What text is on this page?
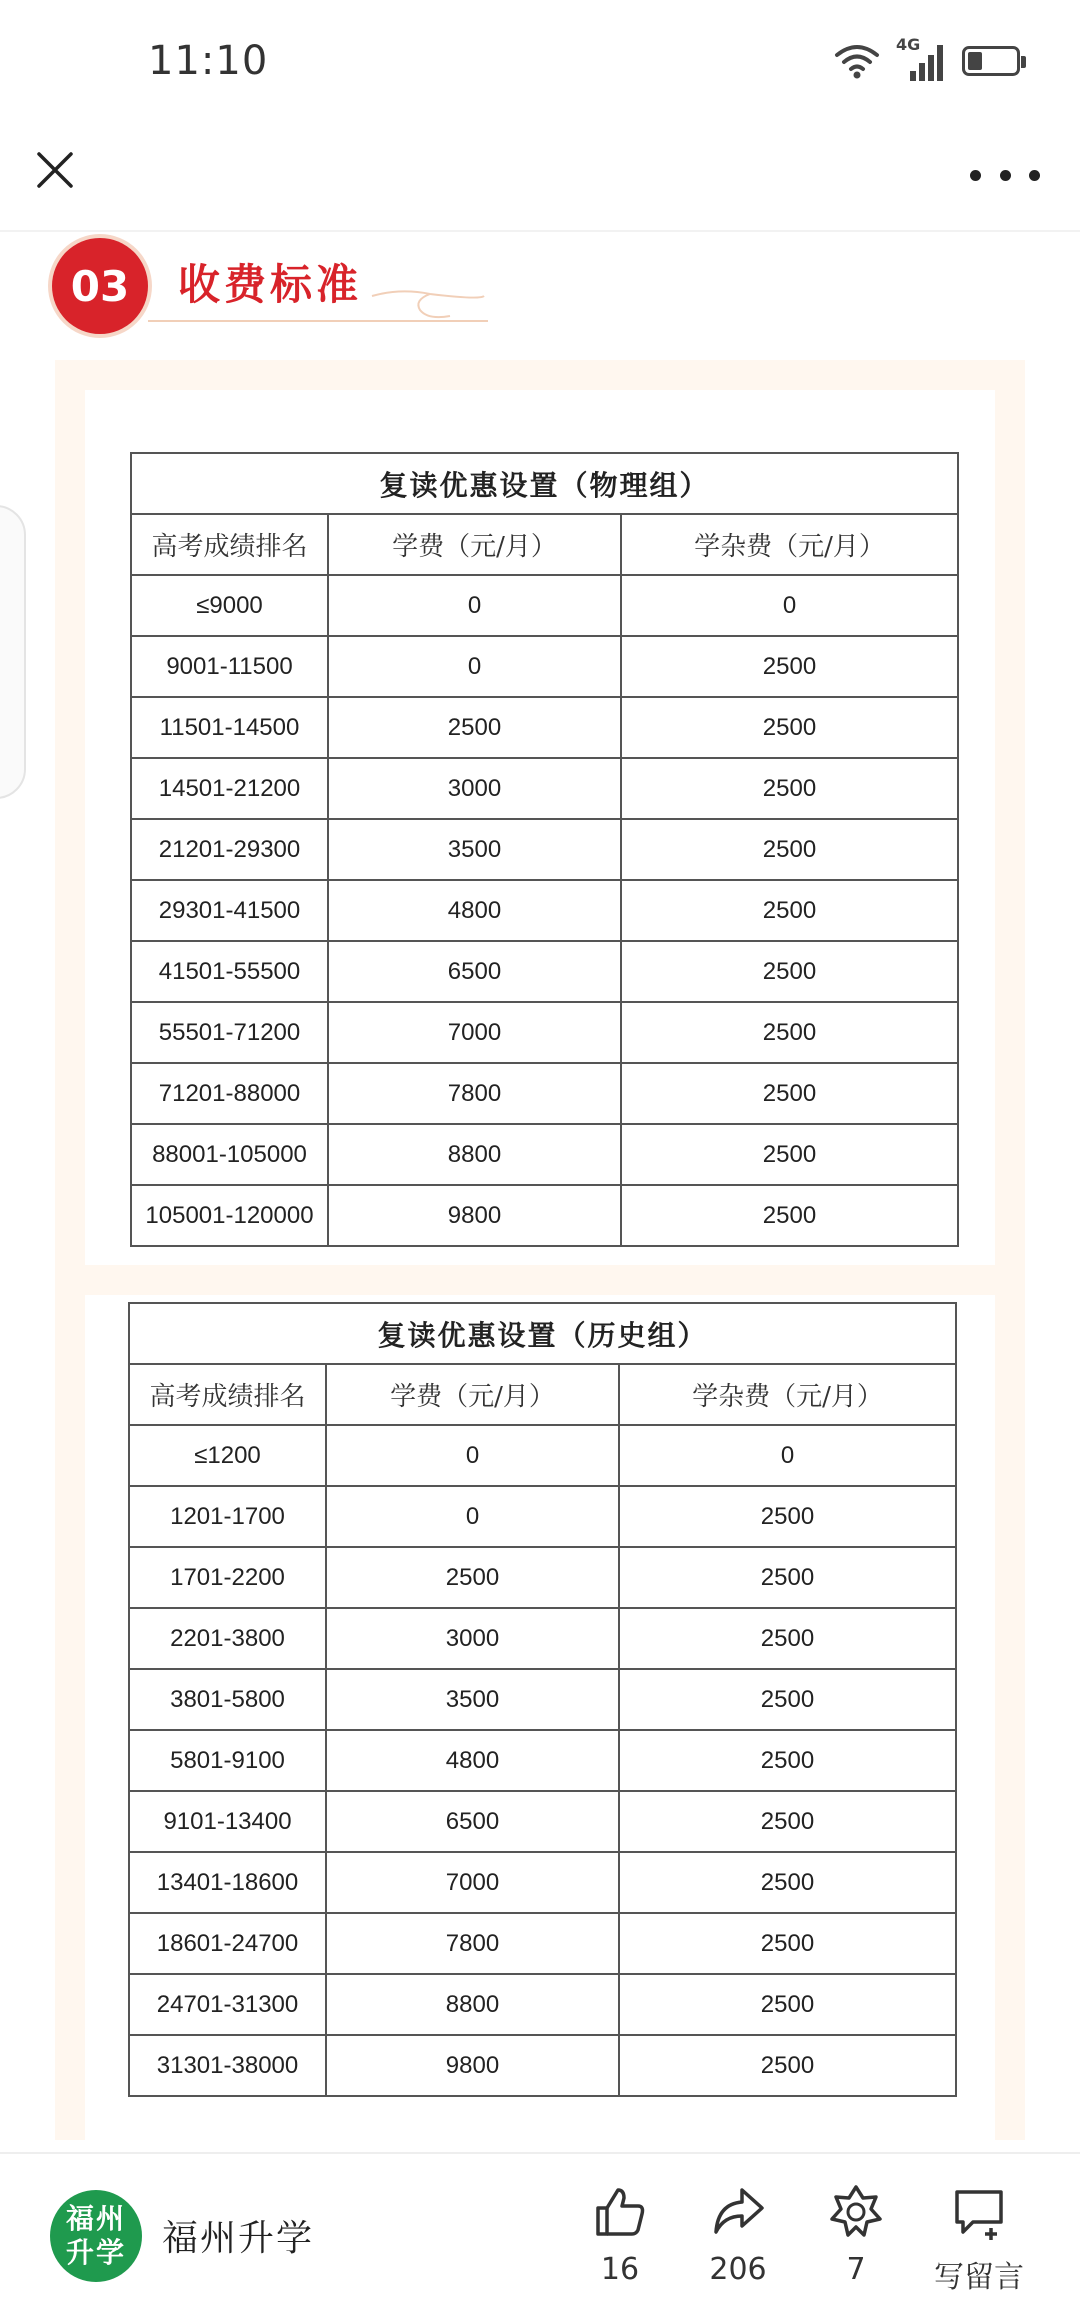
11:10	4G
03	收费标准
复读优惠设置（物理组）		
高考成绩排名	学费（元/月）	学杂费（元/月）
≤9000	0	0
9001-11500	0	2500
11501-14500	2500	2500
14501-21200	3000	2500
21201-29300	3500	2500
29301-41500	4800	2500
41501-55500	6500	2500
55501-71200	7000	2500
71201-88000	7800	2500
88001-105000	8800	2500
105001-120000	9800	2500
复读优惠设置（历史组）		
高考成绩排名	学费（元/月）	学杂费（元/月）
≤1200	0	0
1201-1700	0	2500
1701-2200	2500	2500
2201-3800	3000	2500
3801-5800	3500	2500
5801-9100	4800	2500
9101-13400	6500	2500
13401-18600	7000	2500
18601-24700	7800	2500
24701-31300	8800	2500
31301-38000	9800	2500
福州
升学 福州升学
16 206	7 写留言
